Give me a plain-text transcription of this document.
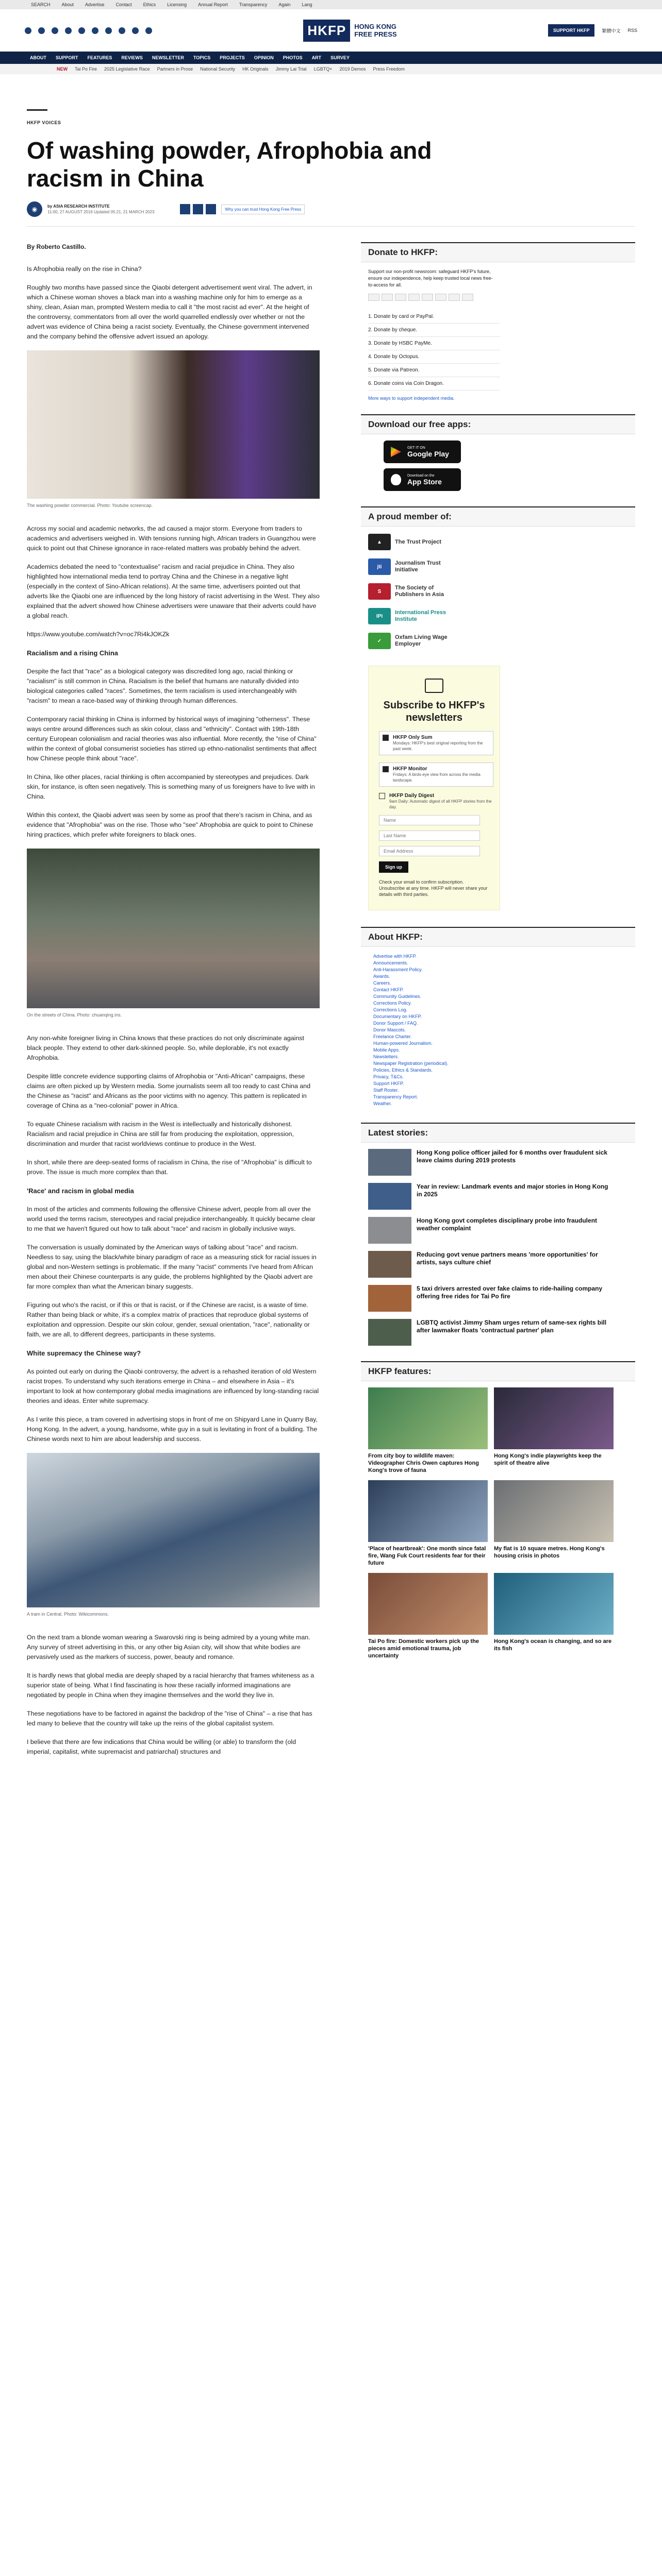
SEARCH About Advertise Contact Ethics Licensing Annual Report Transparency Again Lang
HKFP	HONG KONG
FREE PRESS	SUPPORT HKFP	繁體中文 RSS
ABOUT SUPPORT FEATURES REVIEWS NEWSLETTER TOPICS PROJECTS OPINION PHOTOS ART SURVEY
NEW Tai Po Fire 2025 Legislative Race Partners in Prose National Security HK Originals Jimmy Lai Trial LGBTQ+ 2019 Demos Press Freedom
HKFP VOICES
Of washing powder, Afrophobia and racism in China
◉	by ASIA RESEARCH INSTITUTE
11:00, 27 AUGUST 2016 Updated 05:21, 21 MARCH 2023
Why you can trust Hong Kong Free Press
By Roberto Castillo.

Is Afrophobia really on the rise in China?

Roughly two months have passed since the Qiaobi detergent advertisement went viral. The advert, in which a Chinese woman shoves a black man into a washing machine only for him to emerge as a shiny, clean, Asian man, prompted Western media to call it "the most racist ad ever". At the height of the controversy, commentators from all over the world quarrelled endlessly over whether or not the advert was evidence of China being a racist society. Eventually, the Chinese government intervened and the company behind the offensive advert issued an apology.

The washing powder commercial. Photo: Youtube screencap.

Across my social and academic networks, the ad caused a major storm. Everyone from traders to academics and advertisers weighed in. With tensions running high, African traders in Guangzhou were quick to point out that Chinese ignorance in race-related matters was probably behind the advert.

Academics debated the need to "contextualise" racism and racial prejudice in China. They also highlighted how international media tend to portray China and the Chinese in a negative light (especially in the context of Sino-African relations). At the same time, advertisers pointed out that adverts like the Qiaobi one are influenced by the long history of racist advertising in the West. They also explained that the advert showed how Chinese advertisers were unaware that their adverts could have a global reach.

https://www.youtube.com/watch?v=oc7Ri4kJOKZk

Racialism and a rising China

Despite the fact that "race" as a biological category was discredited long ago, racial thinking or "racialism" is still common in China. Racialism is the belief that humans are naturally divided into biological categories called "races". Sometimes, the term racialism is used interchangeably with "racism" to mean a race-based way of thinking through human differences.

Contemporary racial thinking in China is informed by historical ways of imagining "otherness". These ways centre around differences such as skin colour, class and "ethnicity". Contact with 19th-18th century European colonialism and racial theories was also influential. More recently, the "rise of China" within the context of global consumerist societies has stirred up ethno-nationalist sentiments that affect how Chinese people think about "race".

In China, like other places, racial thinking is often accompanied by stereotypes and prejudices. Dark skin, for instance, is often seen negatively. This is something many of us foreigners have to live with in China.

Within this context, the Qiaobi advert was seen by some as proof that there's racism in China, and as evidence that "Afrophobia" was on the rise. Those who "see" Afrophobia are quick to point to Chinese hiring practices, which prefer white foreigners to black ones.

On the streets of China. Photo: chuanqing.ins.

Any non-white foreigner living in China knows that these practices do not only discriminate against black people. They extend to other dark-skinned people. So, while deplorable, it's not exactly Afrophobia.

Despite little concrete evidence supporting claims of Afrophobia or "Anti-African" campaigns, these claims are often picked up by Western media. Some journalists seem all too ready to cast China and the Chinese as "racist" and Africans as the poor victims with no agency. This pattern is replicated in coverage of China as a "neo-colonial" power in Africa.

To equate Chinese racialism with racism in the West is intellectually and historically dishonest. Racialism and racial prejudice in China are still far from producing the exploitation, oppression, discrimination and murder that racist worldviews continue to produce in the West.

In short, while there are deep-seated forms of racialism in China, the rise of "Afrophobia" is difficult to prove. The issue is much more complex than that.

'Race' and racism in global media

In most of the articles and comments following the offensive Chinese advert, people from all over the world used the terms racism, stereotypes and racial prejudice interchangeably. It quickly became clear to me that we haven't figured out how to talk about "race" and racism in globally inclusive ways.

The conversation is usually dominated by the American ways of talking about "race" and racism. Needless to say, using the black/white binary paradigm of race as a measuring stick for racial issues in global and non-Western settings is problematic. If the many "racist" comments I've heard from African men about their Chinese counterparts is any guide, the problems highlighted by the Qiaobi advert are far more complex than what the American binary suggests.

Figuring out who's the racist, or if this or that is racist, or if the Chinese are racist, is a waste of time. Rather than being black or white, it's a complex matrix of practices that reproduce global systems of exploitation and oppression. Despite our skin colour, gender, sexual orientation, "race", nationality or faith, we are all, to different degrees, participants in these systems.

White supremacy the Chinese way?

As pointed out early on during the Qiaobi controversy, the advert is a rehashed iteration of old Western racist tropes. To understand why such iterations emerge in China – and elsewhere in Asia – it's important to look at how contemporary global media imaginations are influenced by long-standing racial theories and ideas. Enter white supremacy.

As I write this piece, a tram covered in advertising stops in front of me on Shipyard Lane in Quarry Bay, Hong Kong. In the advert, a young, handsome, white guy in a suit is levitating in front of a building. The Chinese words next to him are about leadership and success.

A tram in Central. Photo: Wikicommons.

On the next tram a blonde woman wearing a Swarovski ring is being admired by a young white man. Any survey of street advertising in this, or any other big Asian city, will show that white bodies are pervasively used as the markers of success, power, beauty and romance.

It is hardly news that global media are deeply shaped by a racial hierarchy that frames whiteness as a superior state of being. What I find fascinating is how these racially informed imaginations are negotiated by people in China when they imagine themselves and the world they live in.

These negotiations have to be factored in against the backdrop of the "rise of China" – a rise that has led many to believe that the country will take up the reins of the global capitalist system.

I believe that there are few indications that China would be willing (or able) to transform the (old imperial, capitalist, white supremacist and patriarchal) structures and

Donate to HKFP:
Support our non-profit newsroom: safeguard HKFP's future, ensure our independence, help keep trusted local news free-to-access for all.
1. Donate by card or PayPal.
2. Donate by cheque.
3. Donate by HSBC PayMe.
4. Donate by Octopus.
5. Donate via Patreon.
6. Donate coins via Coin Dragon.
More ways to support independent media.
Download our free apps:
GET IT ON
Google Play
Download on the
App Store
A proud member of:
▲	The Trust Project
jti
Journalism Trust Initiative
S
The Society of Publishers in Asia
IPI
International Press Institute
✓
Oxfam Living Wage Employer
Subscribe to HKFP's newsletters
HKFP Only Sum
Mondays: HKFP's best original reporting from the past week.
HKFP Monitor
Fridays: A birds-eye view from across the media landscape.
HKFP Daily Digest
9am Daily: Automatic digest of all HKFP stories from the day.
Name
Last Name
Email Address Sign up
Check your email to confirm subscription. Unsubscribe at any time. HKFP will never share your details with third parties.
About HKFP:
Advertise with HKFP.
Announcements.
Anti-Harassment Policy.
Awards.
Careers.
Contact HKFP.
Community Guidelines.
Corrections Policy.
Corrections Log.
Documentary on HKFP.
Donor Support / FAQ.
Donor Mascots.
Freelance Charter.
Human-powered Journalism.
Mobile Apps.
Newsletters.
Newspaper Registration (periodical).
Policies, Ethics & Standards.
Privacy, T&Cs.
Support HKFP.
Staff Roster.
Transparency Report.
Weather.
Latest stories:
Hong Kong police officer jailed for 6 months over fraudulent sick leave claims during 2019 protests
Year in review: Landmark events and major stories in Hong Kong in 2025
Hong Kong govt completes disciplinary probe into fraudulent weather complaint
Reducing govt venue partners means 'more opportunities' for artists, says culture chief
5 taxi drivers arrested over fake claims to ride-hailing company offering free rides for Tai Po fire
LGBTQ activist Jimmy Sham urges return of same-sex rights bill after lawmaker floats 'contractual partner' plan
HKFP features:
From city boy to wildlife maven: Videographer Chris Owen captures Hong Kong's trove of fauna
Hong Kong's indie playwrights keep the spirit of theatre alive
'Place of heartbreak': One month since fatal fire, Wang Fuk Court residents fear for their future
My flat is 10 square metres. Hong Kong's housing crisis in photos
Tai Po fire: Domestic workers pick up the pieces amid emotional trauma, job uncertainty
Hong Kong's ocean is changing, and so are its fish
